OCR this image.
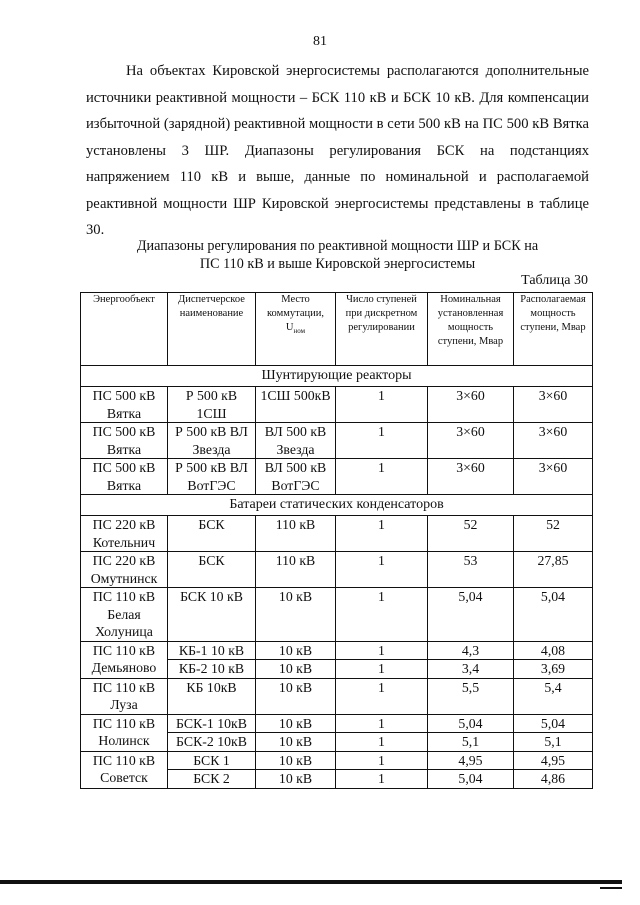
81

На объектах Кировской энергосистемы располагаются дополнительные источники реактивной мощности – БСК 110 кВ и БСК 10 кВ. Для компенсации избыточной (зарядной) реактивной мощности в сети 500 кВ на ПС 500 кВ Вятка установлены 3 ШР. Диапазоны регулирования БСК на подстанциях напряжением 110 кВ и выше, данные по номинальной и располагаемой реактивной мощности ШР Кировской энергосистемы представлены в таблице 30.

Диапазоны регулирования по реактивной мощности ШР и БСК на
ПС 110 кВ и выше Кировской энергосистемы
Таблица 30
Энергообъект	Диспетчерское наименование	Место коммутации, $U_{ном}$	Число ступеней при дискретном регулировании	Номинальная установленная мощность ступени, Мвар	Располагаемая мощность ступени, Мвар
Шунтирующие реакторы					
ПС 500 кВ Вятка	Р 500 кВ 1СШ	1СШ 500кВ	1	3×60	3×60
ПС 500 кВ Вятка	Р 500 кВ ВЛ Звезда	ВЛ 500 кВ Звезда	1	3×60	3×60
ПС 500 кВ Вятка	Р 500 кВ ВЛ ВотГЭС	ВЛ 500 кВ ВотГЭС	1	3×60	3×60
Батареи статических конденсаторов					
ПС 220 кВ Котельнич	БСК	110 кВ	1	52	52
ПС 220 кВ Омутнинск	БСК	110 кВ	1	53	27,85
ПС 110 кВ Белая Холуница	БСК 10 кВ	10 кВ	1	5,04	5,04
ПС 110 кВ Демьяново	КБ-1 10 кВ	10 кВ	1	4,3	4,08
	КБ-2 10 кВ	10 кВ	1	3,4	3,69
ПС 110 кВ Луза	КБ 10кВ	10 кВ	1	5,5	5,4
ПС 110 кВ Нолинск	БСК-1 10кВ	10 кВ	1	5,04	5,04
	БСК-2 10кВ	10 кВ	1	5,1	5,1
ПС 110 кВ Советск	БСК 1	10 кВ	1	4,95	4,95
	БСК 2	10 кВ	1	5,04	4,86
